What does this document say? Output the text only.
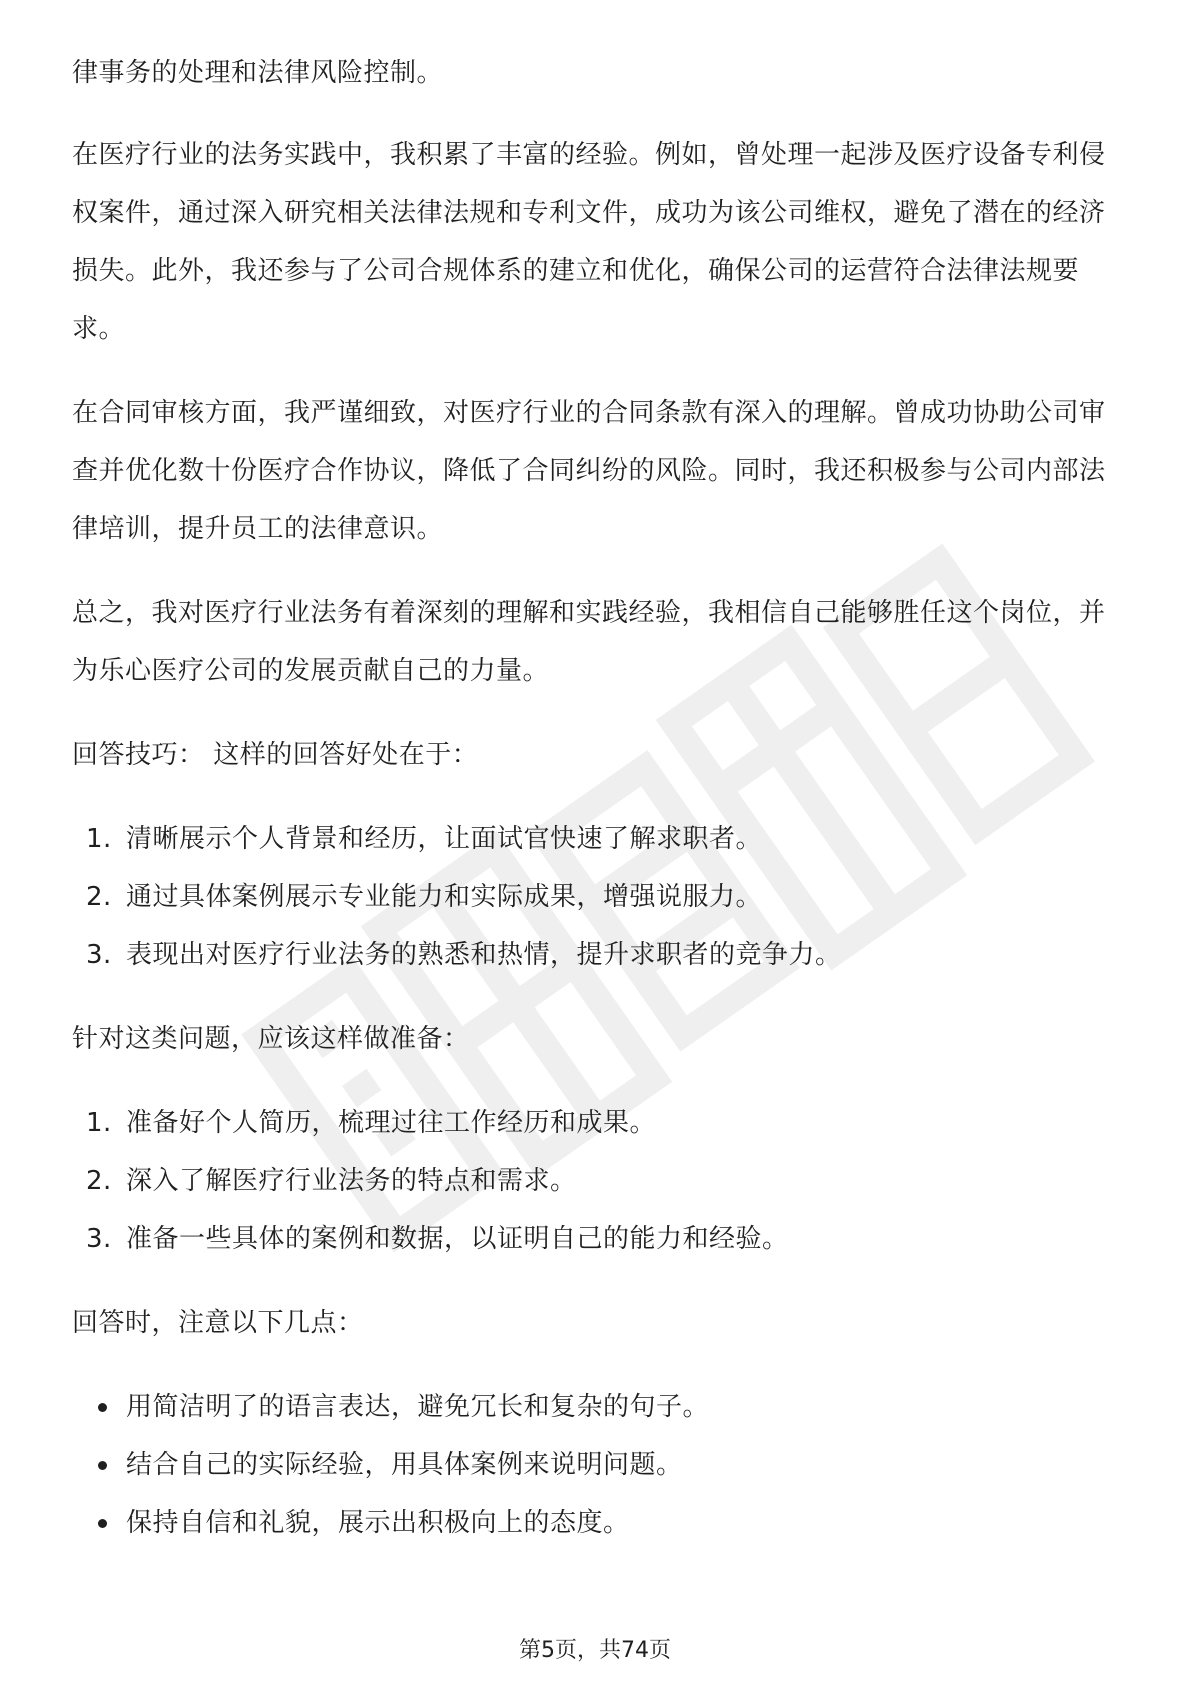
律事务的处理和法律风险控制。

在医疗行业的法务实践中，我积累了丰富的经验。例如，曾处理一起涉及医疗设备专利侵权案件，通过深入研究相关法律法规和专利文件，成功为该公司维权，避免了潜在的经济损失。此外，我还参与了公司合规体系的建立和优化，确保公司的运营符合法律法规要求。

在合同审核方面，我严谨细致，对医疗行业的合同条款有深入的理解。曾成功协助公司审查并优化数十份医疗合作协议，降低了合同纠纷的风险。同时，我还积极参与公司内部法律培训，提升员工的法律意识。

总之，我对医疗行业法务有着深刻的理解和实践经验，我相信自己能够胜任这个岗位，并为乐心医疗公司的发展贡献自己的力量。

回答技巧： 这样的回答好处在于：

1. 清晰展示个人背景和经历，让面试官快速了解求职者。
2. 通过具体案例展示专业能力和实际成果，增强说服力。
3. 表现出对医疗行业法务的熟悉和热情，提升求职者的竞争力。

针对这类问题，应该这样做准备：

1. 准备好个人简历，梳理过往工作经历和成果。
2. 深入了解医疗行业法务的特点和需求。
3. 准备一些具体的案例和数据，以证明自己的能力和经验。

回答时，注意以下几点：

用简洁明了的语言表达，避免冗长和复杂的句子。
结合自己的实际经验，用具体案例来说明问题。
保持自信和礼貌，展示出积极向上的态度。
第5页，共74页
